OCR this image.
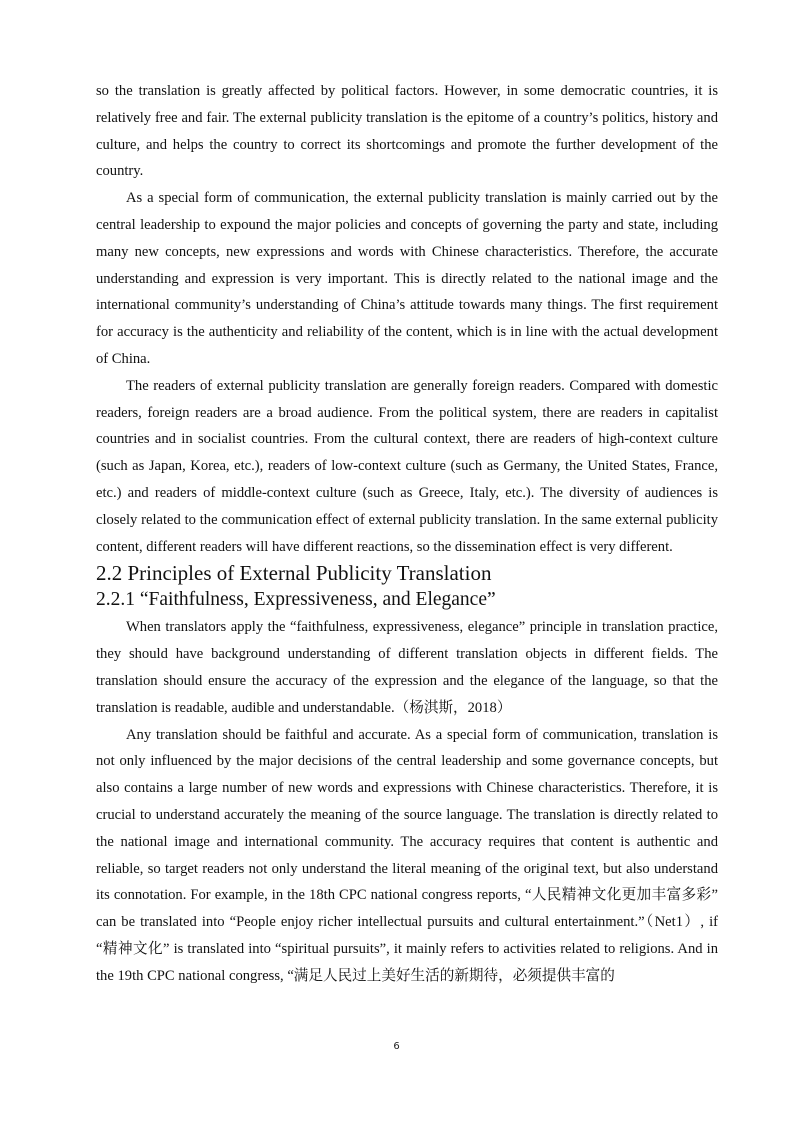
so the translation is greatly affected by political factors. However, in some democratic countries, it is relatively free and fair. The external publicity translation is the epitome of a country’s politics, history and culture, and helps the country to correct its shortcomings and promote the further development of the country.

As a special form of communication, the external publicity translation is mainly carried out by the central leadership to expound the major policies and concepts of governing the party and state, including many new concepts, new expressions and words with Chinese characteristics. Therefore, the accurate understanding and expression is very important. This is directly related to the national image and the international community’s understanding of China’s attitude towards many things. The first requirement for accuracy is the authenticity and reliability of the content, which is in line with the actual development of China.

The readers of external publicity translation are generally foreign readers. Compared with domestic readers, foreign readers are a broad audience. From the political system, there are readers in capitalist countries and in socialist countries. From the cultural context, there are readers of high-context culture (such as Japan, Korea, etc.), readers of low-context culture (such as Germany, the United States, France, etc.) and readers of middle-context culture (such as Greece, Italy, etc.). The diversity of audiences is closely related to the communication effect of external publicity translation. In the same external publicity content, different readers will have different reactions, so the dissemination effect is very different.

2.2 Principles of External Publicity Translation
2.2.1 “Faithfulness, Expressiveness, and Elegance”

When translators apply the “faithfulness, expressiveness, elegance” principle in translation practice, they should have background understanding of different translation objects in different fields. The translation should ensure the accuracy of the expression and the elegance of the language, so that the translation is readable, audible and understandable.（杨淇斯，2018）

Any translation should be faithful and accurate. As a special form of communication, translation is not only influenced by the major decisions of the central leadership and some governance concepts, but also contains a large number of new words and expressions with Chinese characteristics. Therefore, it is crucial to understand accurately the meaning of the source language. The translation is directly related to the national image and international community. The accuracy requires that content is authentic and reliable, so target readers not only understand the literal meaning of the original text, but also understand its connotation. For example, in the 18th CPC national congress reports, “人民精神文化更加丰富多彩” can be translated into “People enjoy richer intellectual pursuits and cultural entertainment.”（Net1）, if “精神文化” is translated into “spiritual pursuits”, it mainly refers to activities related to religions. And in the 19th CPC national congress, “满足人民过上美好生活的新期待，必须提供丰富的

6
